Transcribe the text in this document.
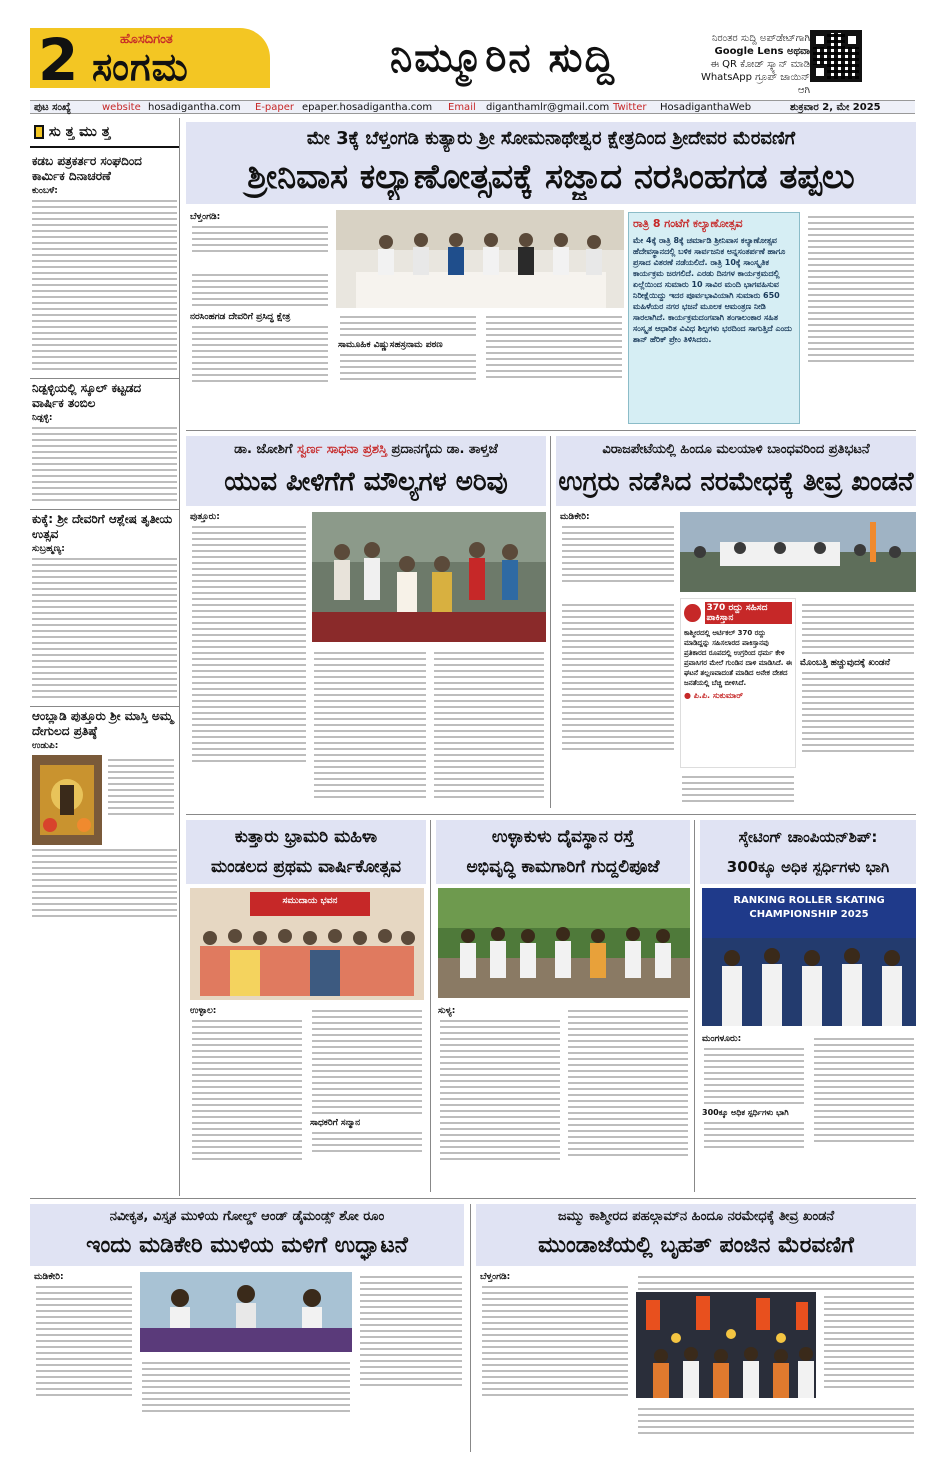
2	ಹೊಸದಿಗಂತ
ಸಂಗಮ	ನಿಮ್ಮೂರಿನ ಸುದ್ದಿ	ನಿರಂತರ ಸುದ್ದಿ ಅಪ್‌ಡೇಟ್‌ಗಾಗಿ
Google Lens ಅಥವಾ
ಈ QR ಕೋಡ್ ಸ್ಕ್ಯಾನ್ ಮಾಡಿ
WhatsApp ಗ್ರೂಪ್ ಜಾಯಿನ್ ಆಗಿ
ಪುಟ ಸಂಖ್ಯೆ	website hosadigantha.com E-paper epaper.hosadigantha.com Email diganthamlr@gmail.com Twitter HosadiganthaWeb	ಶುಕ್ರವಾರ 2, ಮೇ 2025
ಸು ತ್ತ ಮು ತ್ತ
ಕಡಬ ಪತ್ರಕರ್ತರ ಸಂಘದಿಂದ ಕಾರ್ಮಿಕ ದಿನಾಚರಣೆ
ಕುಂಬಳೆ:
ನಿಡ್ಪಳ್ಳಿಯಲ್ಲಿ ಸ್ಕೂಲ್ ಕಟ್ಟಡದ ವಾರ್ಷಿಕ ತಂಬಿಲ
ನಿಡ್ಪಳ್ಳಿ:
ಕುಕ್ಕೆ: ಶ್ರೀ ದೇವರಿಗೆ ಆಶ್ಲೇಷ ತೃತೀಯ ಉತ್ಸವ
ಸುಬ್ರಹ್ಮಣ್ಯ:
ಆಂಬ್ಲಾಡಿ ಪುತ್ತೂರು ಶ್ರೀ ಮಾಸ್ತಿ ಅಮ್ಮ ದೇಗುಲದ ಪ್ರತಿಷ್ಠೆ
ಉಡುಪಿ:
ಮೇ 3ಕ್ಕೆ ಬೆಳ್ತಂಗಡಿ ಕುತ್ಯಾರು ಶ್ರೀ ಸೋಮನಾಥೇಶ್ವರ ಕ್ಷೇತ್ರದಿಂದ ಶ್ರೀದೇವರ ಮೆರವಣಿಗೆ
ಶ್ರೀನಿವಾಸ ಕಲ್ಯಾಣೋತ್ಸವಕ್ಕೆ ಸಜ್ಜಾದ ನರಸಿಂಹಗಡ ತಪ್ಪಲು
ಬೆಳ್ತಂಗಡಿ:
ನರಸಿಂಹಗಡ ದೇವರಿಗೆ ಪ್ರಸಿದ್ಧ ಕ್ಷೇತ್ರ
ಸಾಮೂಹಿಕ ವಿಷ್ಣುಸಹಸ್ರನಾಮ ಪಠಣ
ರಾತ್ರಿ 8 ಗಂಟೆಗೆ ಕಲ್ಯಾಣೋತ್ಸವ
ಮೇ 4ಕ್ಕೆ ರಾತ್ರಿ 8ಕ್ಕೆ ಚರ್ಮಾಡಿ ಶ್ರೀನಿವಾಸ ಕಲ್ಯಾಣೋತ್ಸವ ಹೆದೇವಸ್ಥಾನದಲ್ಲಿ ಬಳಿಕ ಸಾರ್ವಜನಿಕ ಅನ್ನಸಂತರ್ಪಣೆ ಹಾಗೂ ಪ್ರಸಾದ ವಿತರಣೆ ನಡೆಯಲಿದೆ. ರಾತ್ರಿ 10ಕ್ಕೆ ಸಾಂಸ್ಕೃತಿಕ ಕಾರ್ಯಕ್ರಮ ಜರಗಲಿದೆ. ಎರಡು ದಿನಗಳ ಕಾರ್ಯಕ್ರಮದಲ್ಲಿ ಏಲ್ಲೆಯಿಂದ ಸುಮಾರು 10 ಸಾವಿರ ಮಂದಿ ಭಾಗವಹಿಸುವ ನಿರೀಕ್ಷೆಯಿದ್ದು ಇದರ ಪೂರ್ವಭಾವಿಯಾಗಿ ಸುಮಾರು 650 ಮಹಿಳೆಯರ ನಗರ ಭಜನೆ ಮೂಲಕ ಆಮಂತ್ರಣ ನೀಡಿ ಸಾರಲಾಗಿದೆ. ಕಾರ್ಯಕ್ರಮದಂಗವಾಗಿ ತಂಗಾಲಂಕಾರ ಸಹಿತ ಸಂಸ್ಕೃತ ಆಧಾರಿತ ವಿವಿಧ ಶಿಲ್ಪಗಳು ಭರದಿಂದ ಸಾಗುತ್ತಿದೆ ಎಂದು ಶಾನ್ ಹೆರಿಕ್ ಪ್ರೇಂ ತಿಳಿಸಿದರು.
ಡಾ. ಜೋಶಿಗೆ ಸ್ವರ್ಣ ಸಾಧನಾ ಪ್ರಶಸ್ತಿ ಪ್ರದಾನಗೈದು ಡಾ. ತಾಳ್ತಜೆ
ಯುವ ಪೀಳಿಗೆಗೆ ಮೌಲ್ಯಗಳ ಅರಿವು
ಪುತ್ತೂರು:
ವಿರಾಜಪೇಟೆಯಲ್ಲಿ ಹಿಂದೂ ಮಲಯಾಳಿ ಬಾಂಧವರಿಂದ ಪ್ರತಿಭಟನೆ
ಉಗ್ರರು ನಡೆಸಿದ ನರಮೇಧಕ್ಕೆ ತೀವ್ರ ಖಂಡನೆ
ಮಡಿಕೇರಿ:
370 ರದ್ದು ಸಹಿಸದ ಪಾಕಿಸ್ತಾನ
ಕಾಶ್ಮೀರದಲ್ಲಿ ಆರ್ಟಿಕಲ್ 370 ರದ್ದು ಮಾಡಿದ್ದನ್ನು ಸಹಿಸಲಾರದ ಪಾಕಿಸ್ತಾನವು ಪ್ರತಿಕಾರದ ರೂಪದಲ್ಲಿ ಉಗ್ರರಿಂದ ಧರ್ಮ ಕೇಳಿ ಪ್ರವಾಸಿಗರ ಮೇಲೆ ಗುಂಡಿನ ದಾಳಿ ಮಾಡಿಸಿದೆ. ಈ ಘಟನೆ ತಲ್ಲಣವಾದಂತೆ ಮಾಡಿದ ಅನೇಕ ದೇಶದ ಜನತೆಯಲ್ಲಿ ಬೆಚ್ಚಿ ಬೀಳಿಸಿದೆ.
● ಪಿ.ಪಿ. ಸುಕುಮಾರ್
ಮೊಂಬತ್ತಿ ಹಚ್ಚುವುದಕ್ಕೆ ಖಂಡನೆ
ಕುತ್ತಾರು ಭ್ರಾಮರಿ ಮಹಿಳಾ
ಮಂಡಲದ ಪ್ರಥಮ ವಾರ್ಷಿಕೋತ್ಸವ
ಸಮುದಾಯ ಭವನ
ಉಳ್ಳಾಲ:
ಸಾಧಕರಿಗೆ ಸನ್ಮಾನ
ಉಳ್ಳಾಕುಳು ದೈವಸ್ಥಾನ ರಸ್ತೆ
ಅಭಿವೃದ್ಧಿ ಕಾಮಗಾರಿಗೆ ಗುದ್ದಲಿಪೂಜೆ
ಸುಳ್ಯ:
ಸ್ಕೇಟಿಂಗ್ ಚಾಂಪಿಯನ್‌ಶಿಪ್:
300ಕ್ಕೂ ಅಧಿಕ ಸ್ಪರ್ಧಿಗಳು ಭಾಗಿ
RANKING ROLLER SKATING CHAMPIONSHIP 2025
ಮಂಗಳೂರು:
300ಕ್ಕೂ ಅಧಿಕ ಸ್ಪರ್ಧಿಗಳು ಭಾಗಿ
ನವೀಕೃತ, ವಿಸ್ತೃತ ಮುಳಿಯ ಗೋಲ್ಡ್ ಆಂಡ್ ಡೈಮಂಡ್ಸ್ ಶೋ ರೂಂ
ಇಂದು ಮಡಿಕೇರಿ ಮುಳಿಯ ಮಳಿಗೆ ಉದ್ಘಾಟನೆ
ಮಡಿಕೇರಿ:
ಜಮ್ಮು ಕಾಶ್ಮೀರದ ಪಹಲ್ಗಾಮ್‌ನ ಹಿಂದೂ ನರಮೇಧಕ್ಕೆ ತೀವ್ರ ಖಂಡನೆ
ಮುಂಡಾಜೆಯಲ್ಲಿ ಬೃಹತ್ ಪಂಜಿನ ಮೆರವಣಿಗೆ
ಬೆಳ್ತಂಗಡಿ:
